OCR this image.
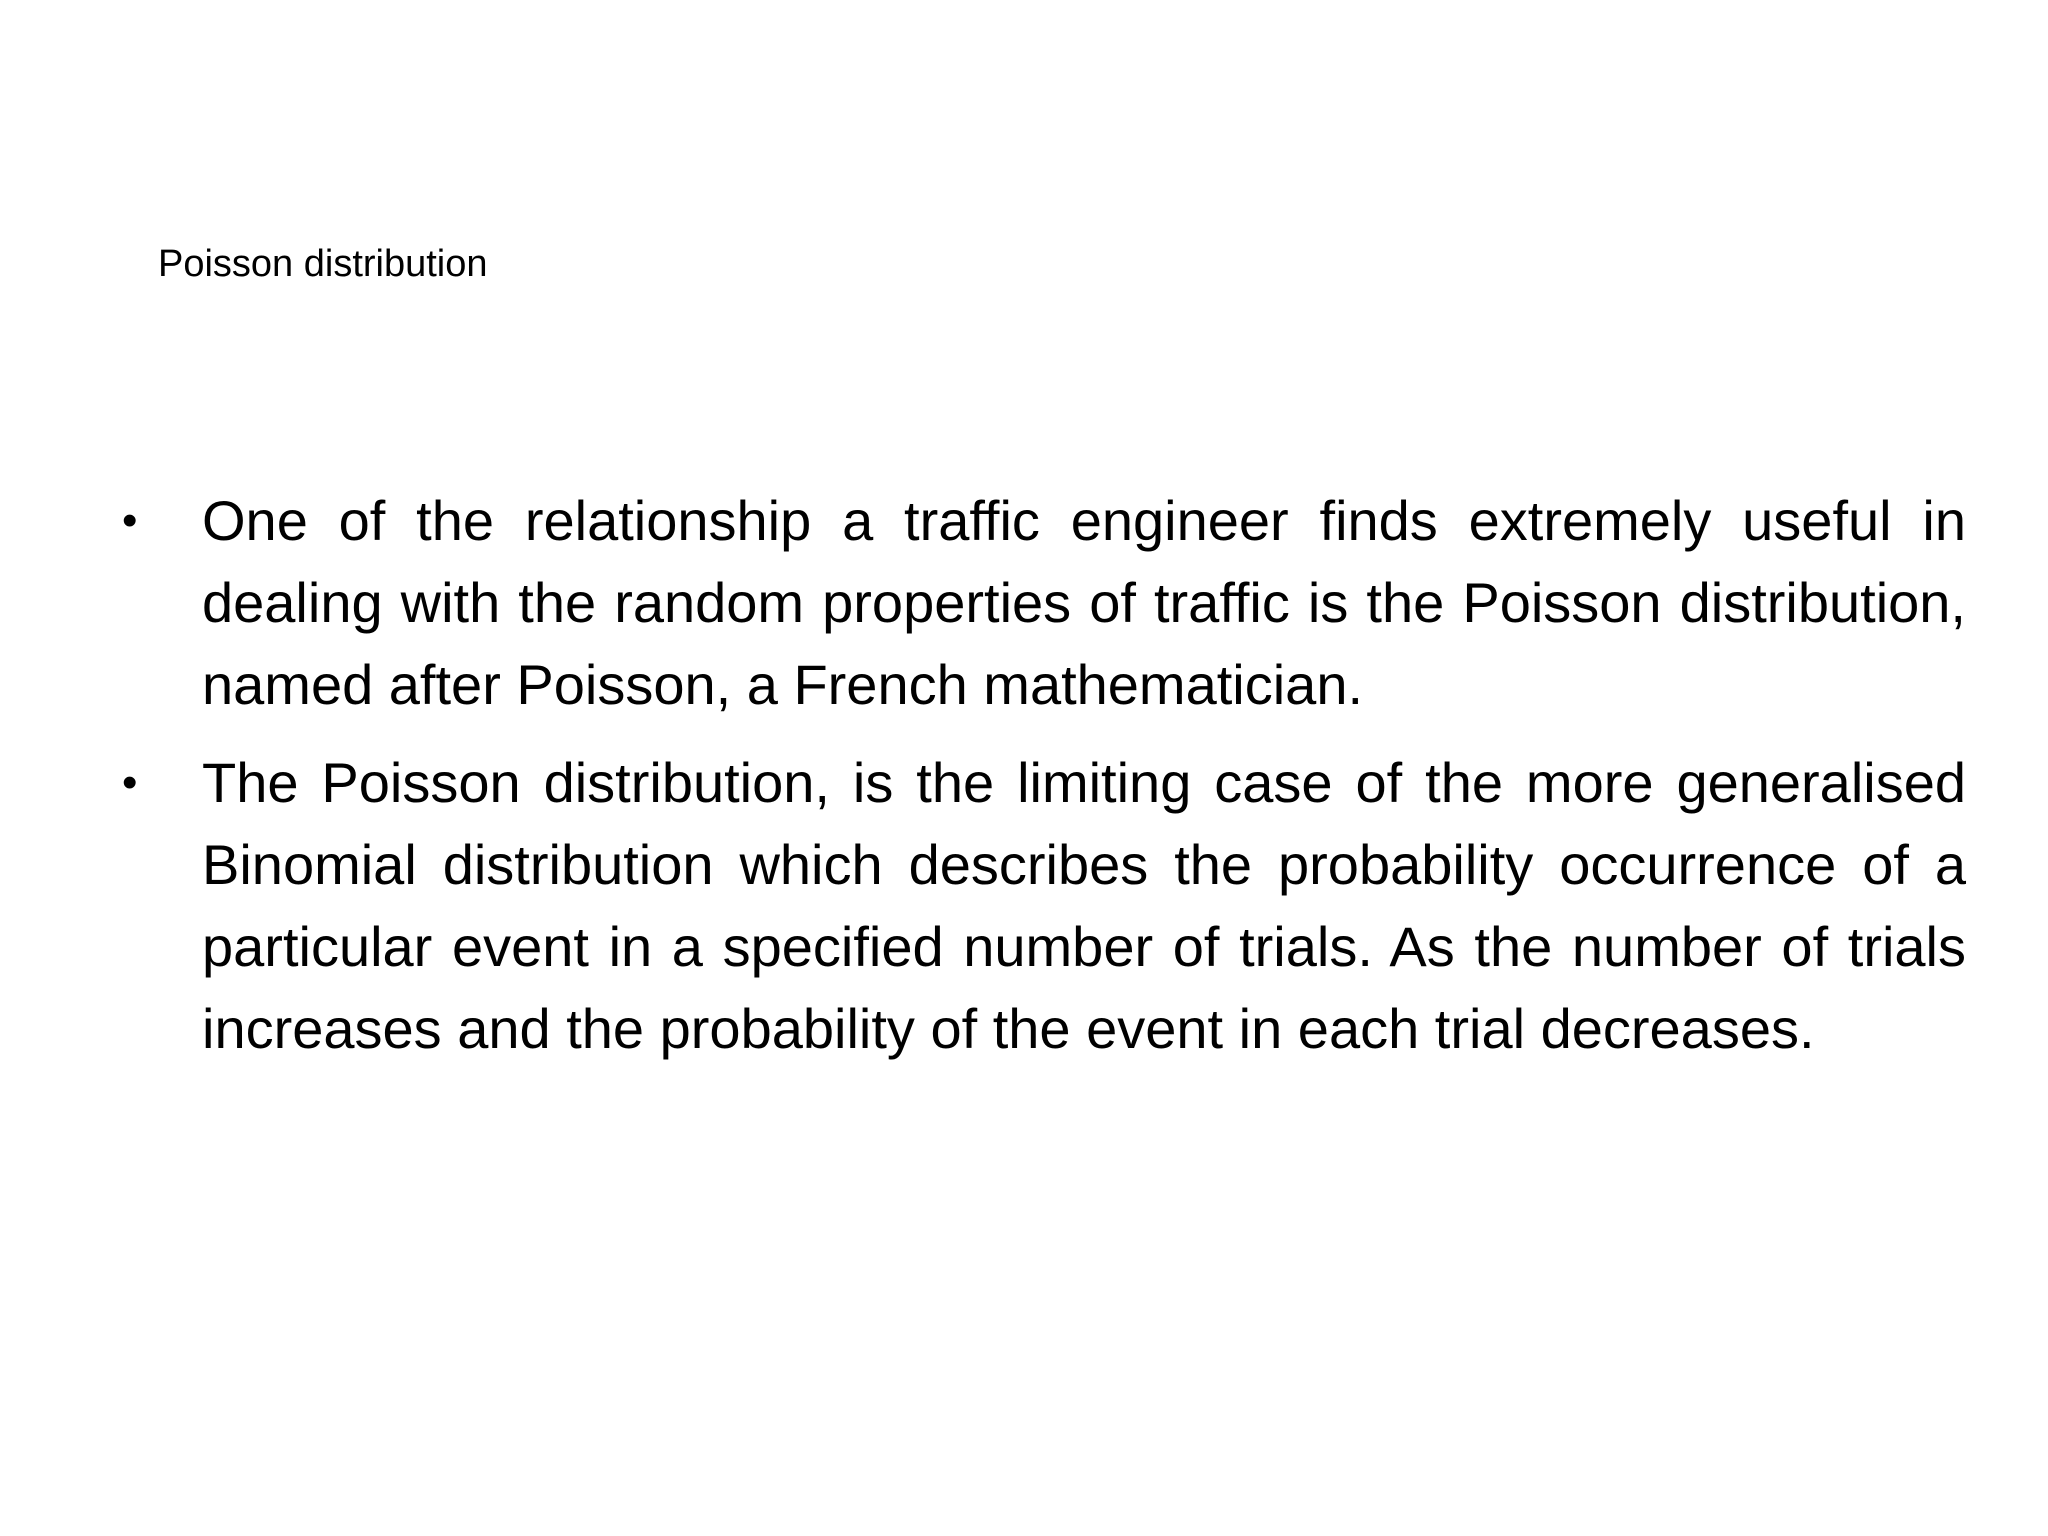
Poisson distribution
•	One of the relationship a traffic engineer finds extremely useful in dealing with the random properties of traffic is the Poisson distribution, named after Poisson, a French mathematician.
•	The Poisson distribution, is the limiting case of the more generalised Binomial distribution which describes the probability occurrence of a particular event in a specified number of trials. As the number of trials increases and the probability of the event in each trial decreases.
